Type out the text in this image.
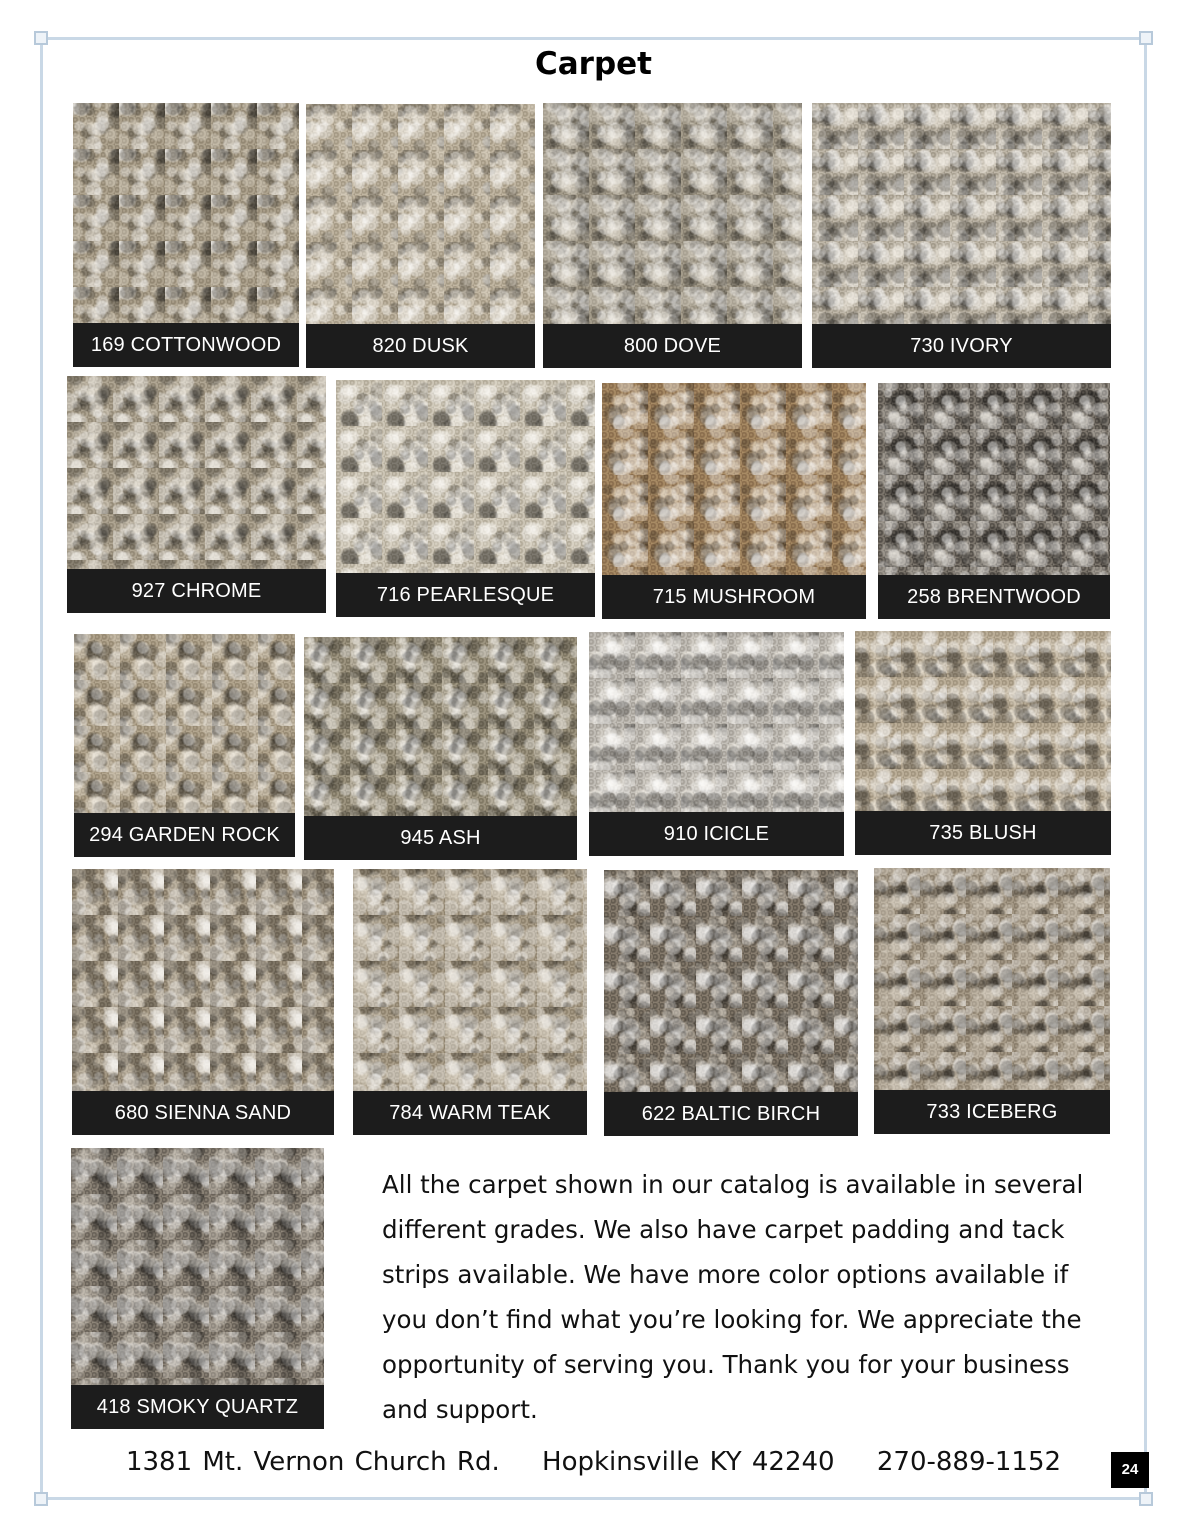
Carpet
169 COTTONWOOD	820 DUSK	800 DOVE	730 IVORY
927 CHROME	716 PEARLESQUE	715 MUSHROOM	258 BRENTWOOD
294 GARDEN ROCK	945 ASH	910 ICICLE	735 BLUSH
680 SIENNA SAND	784 WARM TEAK	622 BALTIC BIRCH	733 ICEBERG
418 SMOKY QUARTZ
All the carpet shown in our catalog is available in several different grades. We also have carpet padding and tack strips available. We have more color options available if you don’t find what you’re looking for. We appreciate the opportunity of serving you. Thank you for your business and support.
1381 Mt. Vernon Church Rd. Hopkinsville KY 42240 270-889-1152	24
